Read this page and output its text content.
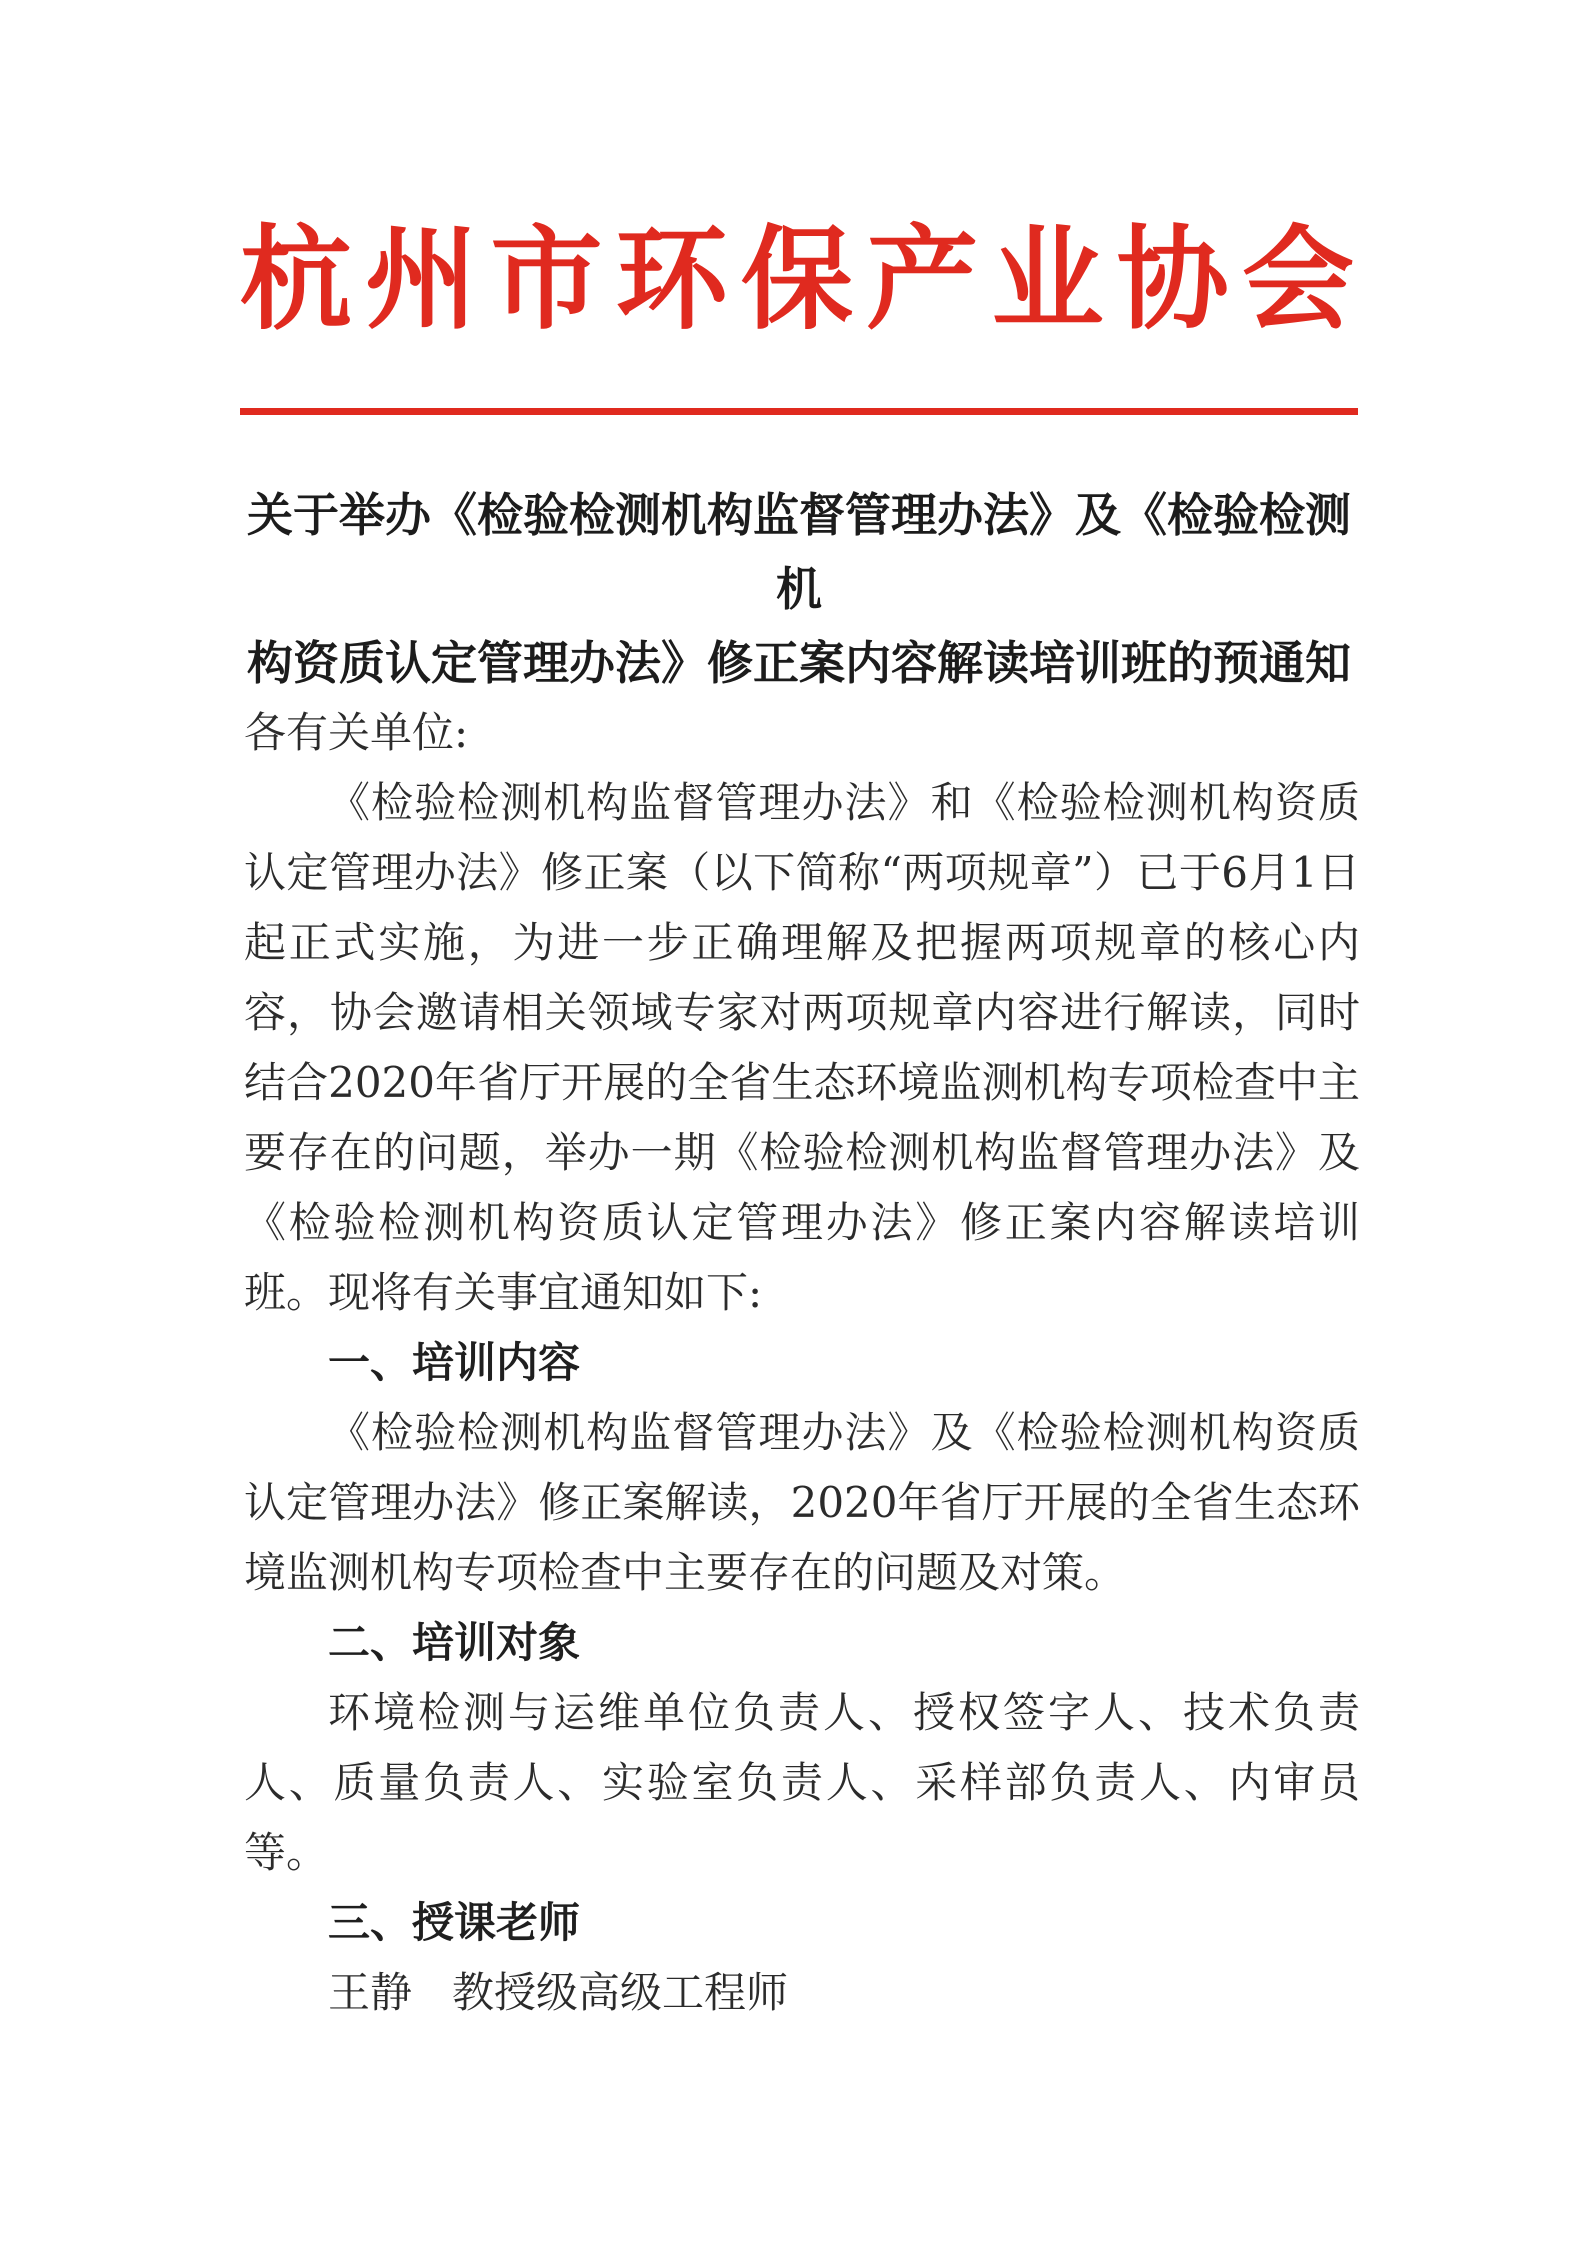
杭州市环保产业协会
关于举办《检验检测机构监督管理办法》及《检验检测机
构资质认定管理办法》修正案内容解读培训班的预通知

各有关单位:

《检验检测机构监督管理办法》和《检验检测机构资质认定管理办法》修正案（以下简称“两项规章”）已于6月1日起正式实施，为进一步正确理解及把握两项规章的核心内容，协会邀请相关领域专家对两项规章内容进行解读，同时结合2020年省厅开展的全省生态环境监测机构专项检查中主要存在的问题，举办一期《检验检测机构监督管理办法》及《检验检测机构资质认定管理办法》修正案内容解读培训班。现将有关事宜通知如下:

一、培训内容

《检验检测机构监督管理办法》及《检验检测机构资质认定管理办法》修正案解读，2020年省厅开展的全省生态环境监测机构专项检查中主要存在的问题及对策。

二、培训对象

环境检测与运维单位负责人、授权签字人、技术负责人、质量负责人、实验室负责人、采样部负责人、内审员等。

三、授课老师

王静 教授级高级工程师
